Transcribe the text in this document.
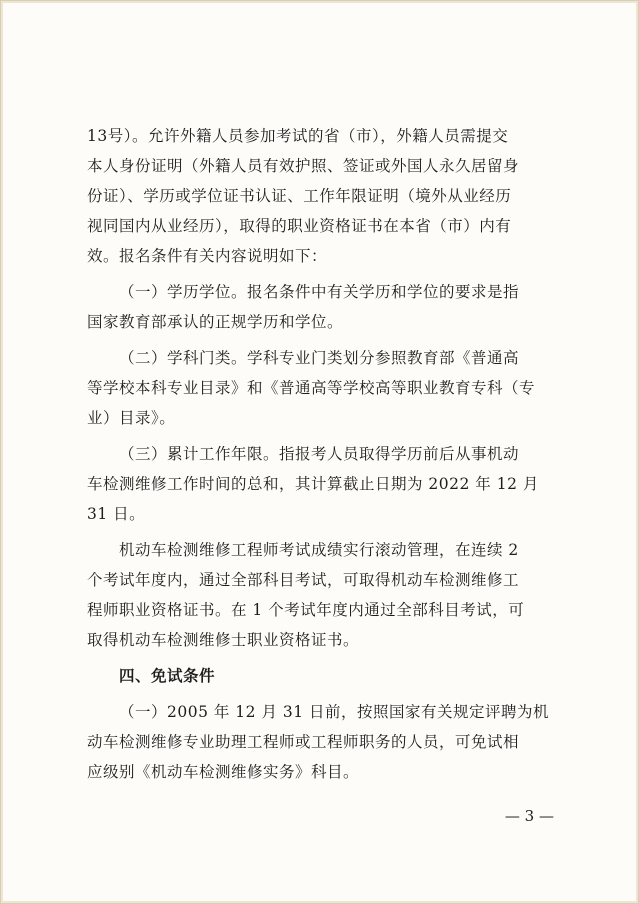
13号）。允许外籍人员参加考试的省（市），外籍人员需提交
本人身份证明（外籍人员有效护照、签证或外国人永久居留身
份证）、学历或学位证书认证、工作年限证明（境外从业经历
视同国内从业经历），取得的职业资格证书在本省（市）内有
效。报名条件有关内容说明如下：
（一）学历学位。报名条件中有关学历和学位的要求是指
国家教育部承认的正规学历和学位。
（二）学科门类。学科专业门类划分参照教育部《普通高
等学校本科专业目录》和《普通高等学校高等职业教育专科（专
业）目录》。
（三）累计工作年限。指报考人员取得学历前后从事机动
车检测维修工作时间的总和，其计算截止日期为 2022 年 12 月
31 日。
机动车检测维修工程师考试成绩实行滚动管理，在连续 2
个考试年度内，通过全部科目考试，可取得机动车检测维修工
程师职业资格证书。在 1 个考试年度内通过全部科目考试，可
取得机动车检测维修士职业资格证书。
四、免试条件
（一）2005 年 12 月 31 日前，按照国家有关规定评聘为机
动车检测维修专业助理工程师或工程师职务的人员，可免试相
应级别《机动车检测维修实务》科目。
— 3 —
